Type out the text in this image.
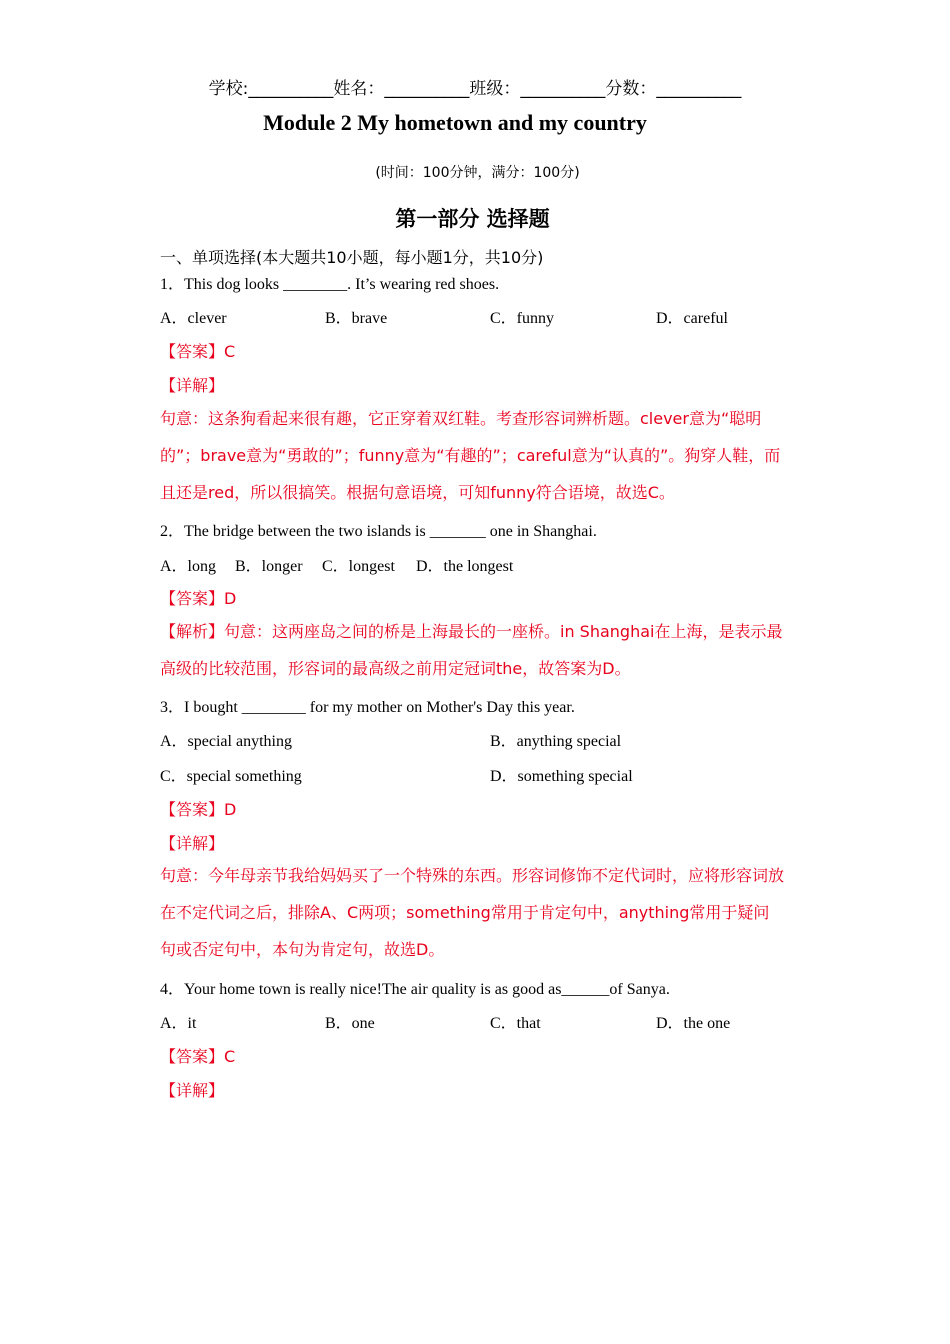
学校:__________姓名：__________班级：__________分数：__________
Module 2 My hometown and my country
(时间：100分钟，满分：100分)
第一部分 选择题
一、单项选择(本大题共10小题，每小题1分，共10分)
1．This dog looks ________. It’s wearing red shoes.
A．clever	B．brave	C．funny	D．careful
【答案】C
【详解】
句意：这条狗看起来很有趣，它正穿着双红鞋。考查形容词辨析题。clever意为“聪明的”；brave意为“勇敢的”；funny意为“有趣的”；careful意为“认真的”。狗穿人鞋，而且还是red，所以很搞笑。根据句意语境，可知funny符合语境，故选C。
2．The bridge between the two islands is _______ one in Shanghai.
A．long B．longer C．longest D．the longest
【答案】D
【解析】句意：这两座岛之间的桥是上海最长的一座桥。in Shanghai在上海，是表示最高级的比较范围，形容词的最高级之前用定冠词the，故答案为D。
3．I bought ________ for my mother on Mother's Day this year.
A．special anything	B．anything special
C．special something	D．something special
【答案】D
【详解】
句意：今年母亲节我给妈妈买了一个特殊的东西。形容词修饰不定代词时，应将形容词放在不定代词之后，排除A、C两项；something常用于肯定句中，anything常用于疑问句或否定句中，本句为肯定句，故选D。
4．Your home town is really nice!The air quality is as good as______of Sanya.
A．it	B．one	C．that	D．the one
【答案】C
【详解】
